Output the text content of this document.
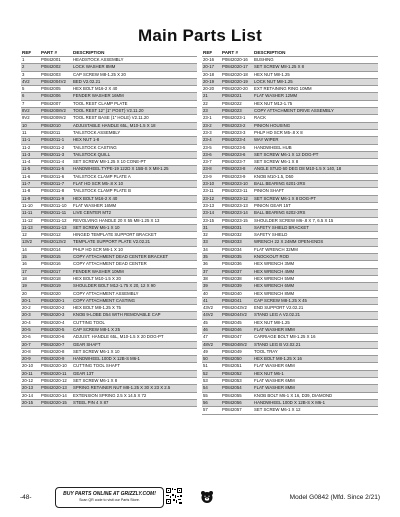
Main Parts List
REF	PART #	DESCRIPTION
1	P0842001	HEADSTOCK ASSEMBLY
2	P0842002	LOCK WASHER 8MM
3	P0842003	CAP SCREW M8-1.25 X 20
4V2	P0842004V2	BED V2.02.21
5	P0842005	HEX BOLT M16-2 X 40
6	P0842006	FENDER WASHER 16MM
7	P0842007	TOOL REST CLAMP PLATE
8V2	P0842008V2	TOOL REST 12" (1" POST) V2.11.20
9V2	P0842009V2	TOOL REST BASE (1" HOLE) V2.11.20
10	P0842010	ADJUSTABLE HANDLE 65L, M10-1.5 X 18
11	P0842011	TAILSTOCK ASSEMBLY
11-1	P0842011-1	HEX NUT 1-8
11-2	P0842011-2	TAILSTOCK CASTING
11-3	P0842011-3	TAILSTOCK QUILL
11-4	P0842011-4	SET SCREW M8-1.25 X 10 CONE-PT
11-5	P0842011-5	HANDWHEEL TYPE-19 122D X 15B-S X M8-1.25
11-6	P0842011-6	TAILSTOCK CLAMP PLATE A
11-7	P0842011-7	FLAT HD SCR M5-.8 X 10
11-8	P0842011-8	TAILSTOCK CLAMP PLATE B
11-9	P0842011-9	HEX BOLT M16-2 X 40
11-10	P0842011-10	FLAT WASHER 16MM
11-11	P0842011-11	LIVE CENTER MT2
11-12	P0842011-12	REVOLVING HANDLE 20 X 55 M8-1.25 X 13
11-13	P0842011-13	SET SCREW M6-1 X 10
12	P0842012	HINGED TEMPLATE SUPPORT BRACKET
13V2	P0842013V2	TEMPLATE SUPPORT PLATE V2.02.21
14	P0842014	PHLP HD SCR M6-1 X 10
15	P0842015	COPY ATTACHMENT DEAD CENTER BRACKET
16	P0842016	COPY ATTACHMENT DEAD CENTER
17	P0842017	FENDER WASHER 10MM
18	P0842018	HEX BOLT M10-1.5 X 20
19	P0842019	SHOULDER BOLT M12-1.75 X 20, 12 X 90
20	P0842020	COPY ATTACHMENT ASSEMBLY
20-1	P0842020-1	COPY ATTACHMENT CASTING
20-2	P0842020-2	HEX BOLT M8-1.25 X 75
20-3	P0842020-3	KNOB 9-LOBE D54 WITH REMOVABLE CAP
20-4	P0842020-4	CUTTING TOOL
20-5	P0842020-5	CAP SCREW M8-1 X 25
20-6	P0842020-6	ADJUST. HANDLE 65L, M10-1.5 X 20 DOG-PT
20-7	P0842020-7	GEAR SHAFT
20-8	P0842020-8	SET SCREW M6-1 X 10
20-9	P0842020-9	HANDWHEEL 100D X 12B-S M6-1
20-10	P0842020-10	CUTTING TOOL SHAFT
20-11	P0842020-11	GEAR 13T
20-12	P0842020-12	SET SCREW M6-1 X 8
20-13	P0842020-13	SPRING RETAINER NUT M8-1.25 X 30 X 23 X 2.5
20-14	P0842020-14	EXTENSION SPRING 2.5 X 14.5 X 72
20-15	P0842020-15	STEEL PIN 4 X 87
REF	PART #	DESCRIPTION
20-16	P0842020-16	BUSHING
20-17	P0842020-17	SET SCREW M8-1.25 X 8
20-18	P0842020-18	HEX NUT M8-1.25
20-19	P0842020-19	LOCK NUT M8-1.25
20-20	P0842020-20	EXT RETAINING RING 10MM
21	P0842021	FLAT WASHER 12MM
22	P0842022	HEX NUT M12-1.75
23	P0842023	COPY ATTACHMENT DRIVE ASSEMBLY
23-1	P0842023-1	RACK
23-2	P0842023-2	PINION HOUSING
23-3	P0842023-3	PHLP HD SCR M5-.8 X 8
23-4	P0842023-4	WAY WIPER
23-5	P0842023-5	HANDWHEEL HUB
23-6	P0842023-6	SET SCREW M6-1 X 12 DOG-PT
23-7	P0842023-7	SET SCREW M6-1 X 8
23-8	P0842023-8	ANGLE STUD 60 DEG D8 M10-1.5 X 140, 18
23-9	P0842023-9	KNOB M10-1.5, D50
23-10	P0842023-10	BALL BEARING 6201-2RS
23-11	P0842023-11	PINION SHAFT
23-12	P0842023-12	SET SCREW M6-1 X 8 DOG-PT
23-13	P0842023-13	PINION GEAR 15T
23-14	P0842023-14	BALL BEARING 6202-2RS
23-15	P0842023-15	SHOULDER SCREW M6-.8 X 7, 6.5 X 15
31	P0842031	SAFETY SHIELD BRACKET
32	P0842032	SAFETY SHIELD
33	P0842033	WRENCH 22 X 24MM OPEN-ENDS
34	P0842034	FLAT WRENCH 32MM
35	P0842035	KNOCKOUT ROD
36	P0842036	HEX WRENCH 3MM
37	P0842037	HEX WRENCH 4MM
38	P0842038	HEX WRENCH 5MM
39	P0842039	HEX WRENCH 6MM
40	P0842040	HEX WRENCH 8MM
41	P0842041	CAP SCREW M8-1.25 X 45
43V2	P0842043V2	END SUPPORT V2.02.21
44V2	P0842044V2	STAND LEG A V2.02.21
45	P0842045	HEX NUT M8-1.25
46	P0842046	FLAT WASHER 8MM
47	P0842047	CARRIAGE BOLT M8-1.25 X 16
48V2	P0842048V2	STAND LEG B V2.02.21
49	P0842049	TOOL TRAY
50	P0842050	HEX BOLT M8-1.25 X 16
51	P0842051	FLAT WASHER 6MM
52	P0842052	HEX NUT M6-1
53	P0842053	FLAT WASHER 6MM
54	P0842054	FLAT WASHER 8MM
55	P0842055	KNOB BOLT M6-1 X 16, D39, DIAMOND
56	P0842056	HANDWHEEL 100D X 12B-S X M6-1
57	P0842057	SET SCREW M6-1 X 12
-48-	BUY PARTS ONLINE AT GRIZZLY.COM!
Scan QR code to visit our Parts Store.	Model G0842 (Mfd. Since 2/21)
